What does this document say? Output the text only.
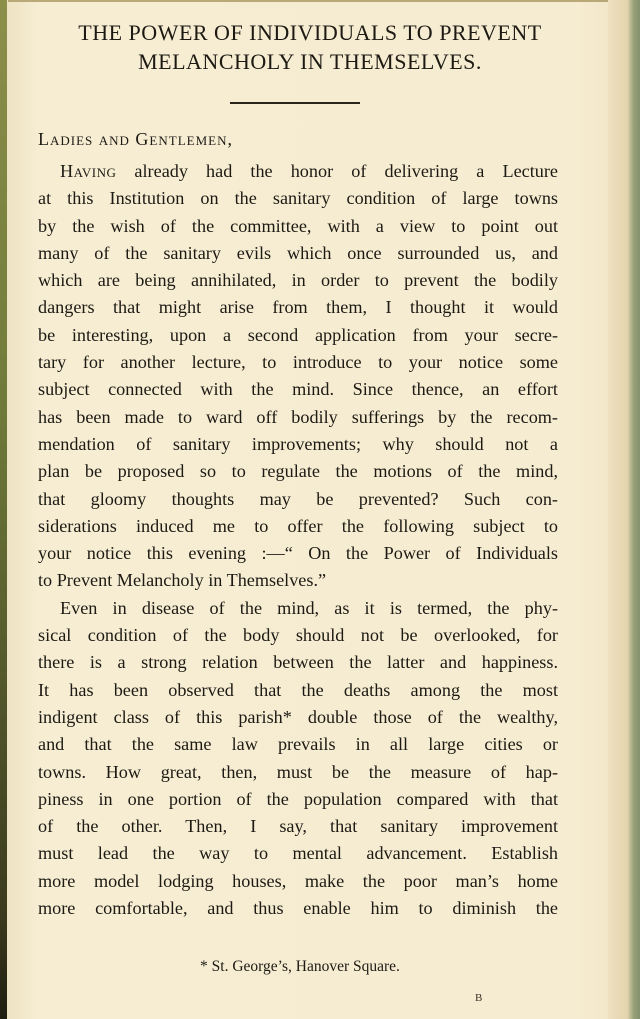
THE POWER OF INDIVIDUALS TO PREVENT
MELANCHOLY IN THEMSELVES.
Ladies and Gentlemen,
Having already had the honor of delivering a Lecture
at this Institution on the sanitary condition of large towns
by the wish of the committee, with a view to point out
many of the sanitary evils which once surrounded us, and
which are being annihilated, in order to prevent the bodily
dangers that might arise from them, I thought it would
be interesting, upon a second application from your secre-
tary for another lecture, to introduce to your notice some
subject connected with the mind. Since thence, an effort
has been made to ward off bodily sufferings by the recom-
mendation of sanitary improvements; why should not a
plan be proposed so to regulate the motions of the mind,
that gloomy thoughts may be prevented? Such con-
siderations induced me to offer the following subject to
your notice this evening :—“ On the Power of Individuals
to Prevent Melancholy in Themselves.”
Even in disease of the mind, as it is termed, the phy-
sical condition of the body should not be overlooked, for
there is a strong relation between the latter and happiness.
It has been observed that the deaths among the most
indigent class of this parish* double those of the wealthy,
and that the same law prevails in all large cities or
towns. How great, then, must be the measure of hap-
piness in one portion of the population compared with that
of the other. Then, I say, that sanitary improvement
must lead the way to mental advancement. Establish
more model lodging houses, make the poor man’s home
more comfortable, and thus enable him to diminish the
* St. George’s, Hanover Square.
B
